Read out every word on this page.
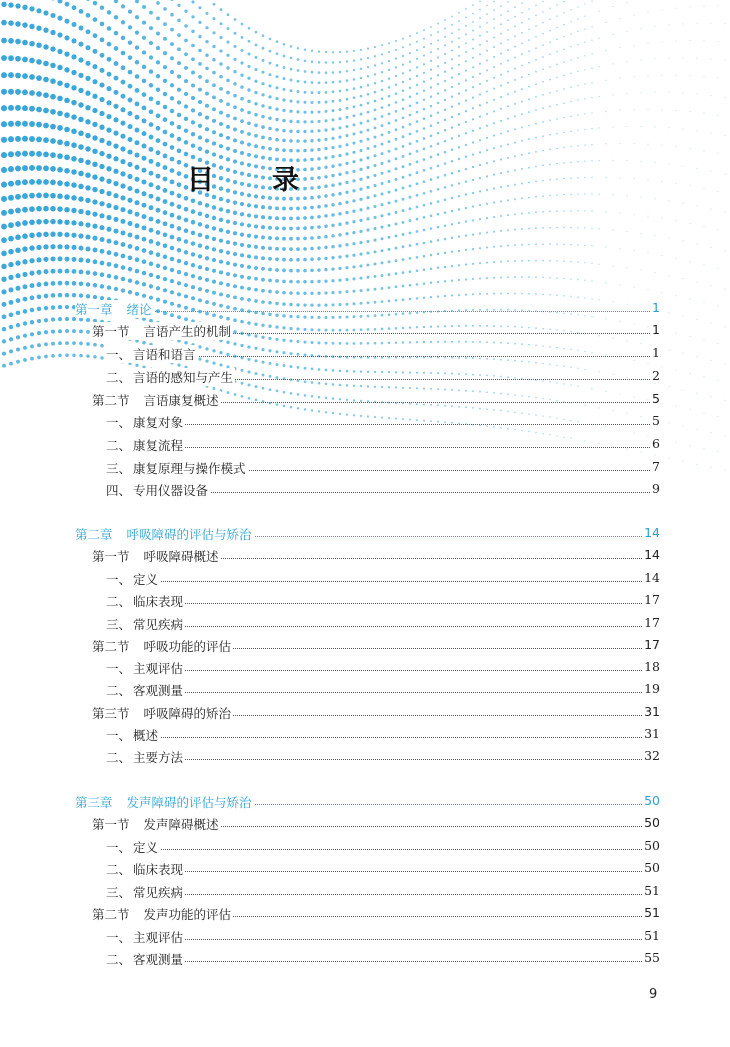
目 录
第一章 绪论	1
第一节 言语产生的机制	1
一、 言语和语言	1
二、 言语的感知与产生	2
第二节 言语康复概述	5
一、 康复对象	5
二、 康复流程	6
三、 康复原理与操作模式	7
四、 专用仪器设备	9
第二章 呼吸障碍的评估与矫治	14
第一节 呼吸障碍概述	14
一、 定义	14
二、 临床表现	17
三、 常见疾病	17
第二节 呼吸功能的评估	17
一、 主观评估	18
二、 客观测量	19
第三节 呼吸障碍的矫治	31
一、 概述	31
二、 主要方法	32
第三章 发声障碍的评估与矫治	50
第一节 发声障碍概述	50
一、 定义	50
二、 临床表现	50
三、 常见疾病	51
第二节 发声功能的评估	51
一、 主观评估	51
二、 客观测量	55
9
